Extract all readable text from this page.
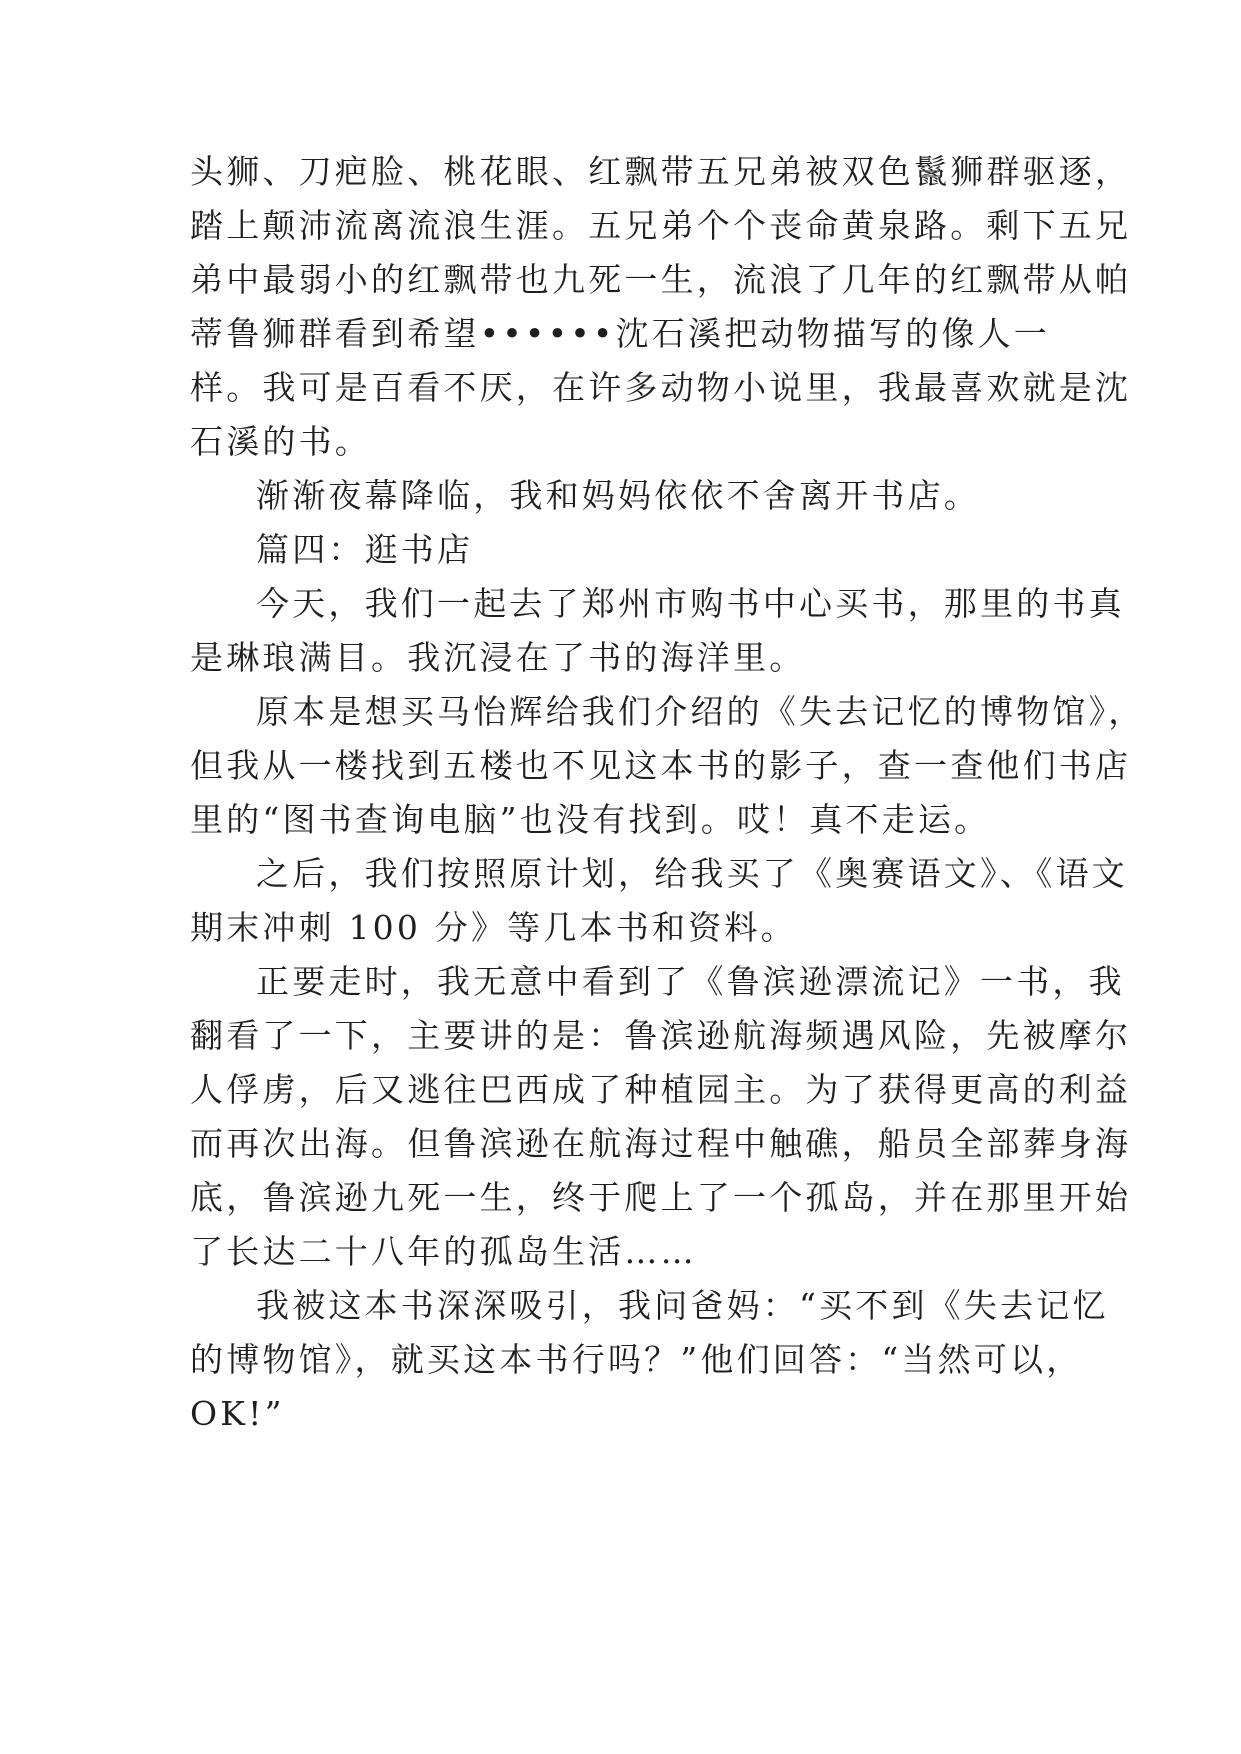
头狮、刀疤脸、桃花眼、红飘带五兄弟被双色鬣狮群驱逐，
踏上颠沛流离流浪生涯。五兄弟个个丧命黄泉路。剩下五兄
弟中最弱小的红飘带也九死一生，流浪了几年的红飘带从帕
蒂鲁狮群看到希望••••••沈石溪把动物描写的像人一
样。我可是百看不厌，在许多动物小说里，我最喜欢就是沈
石溪的书。
渐渐夜幕降临，我和妈妈依依不舍离开书店。
篇四：逛书店
今天，我们一起去了郑州市购书中心买书，那里的书真
是琳琅满目。我沉浸在了书的海洋里。
原本是想买马怡辉给我们介绍的《失去记忆的博物馆》，
但我从一楼找到五楼也不见这本书的影子，查一查他们书店
里的“图书查询电脑”也没有找到。哎！真不走运。
之后，我们按照原计划，给我买了《奥赛语文》、《语文
期末冲刺 100 分》等几本书和资料。
正要走时，我无意中看到了《鲁滨逊漂流记》一书，我
翻看了一下，主要讲的是：鲁滨逊航海频遇风险，先被摩尔
人俘虏，后又逃往巴西成了种植园主。为了获得更高的利益
而再次出海。但鲁滨逊在航海过程中触礁，船员全部葬身海
底，鲁滨逊九死一生，终于爬上了一个孤岛，并在那里开始
了长达二十八年的孤岛生活……
我被这本书深深吸引，我问爸妈：“买不到《失去记忆
的博物馆》，就买这本书行吗？”他们回答：“当然可以，
OK!”
